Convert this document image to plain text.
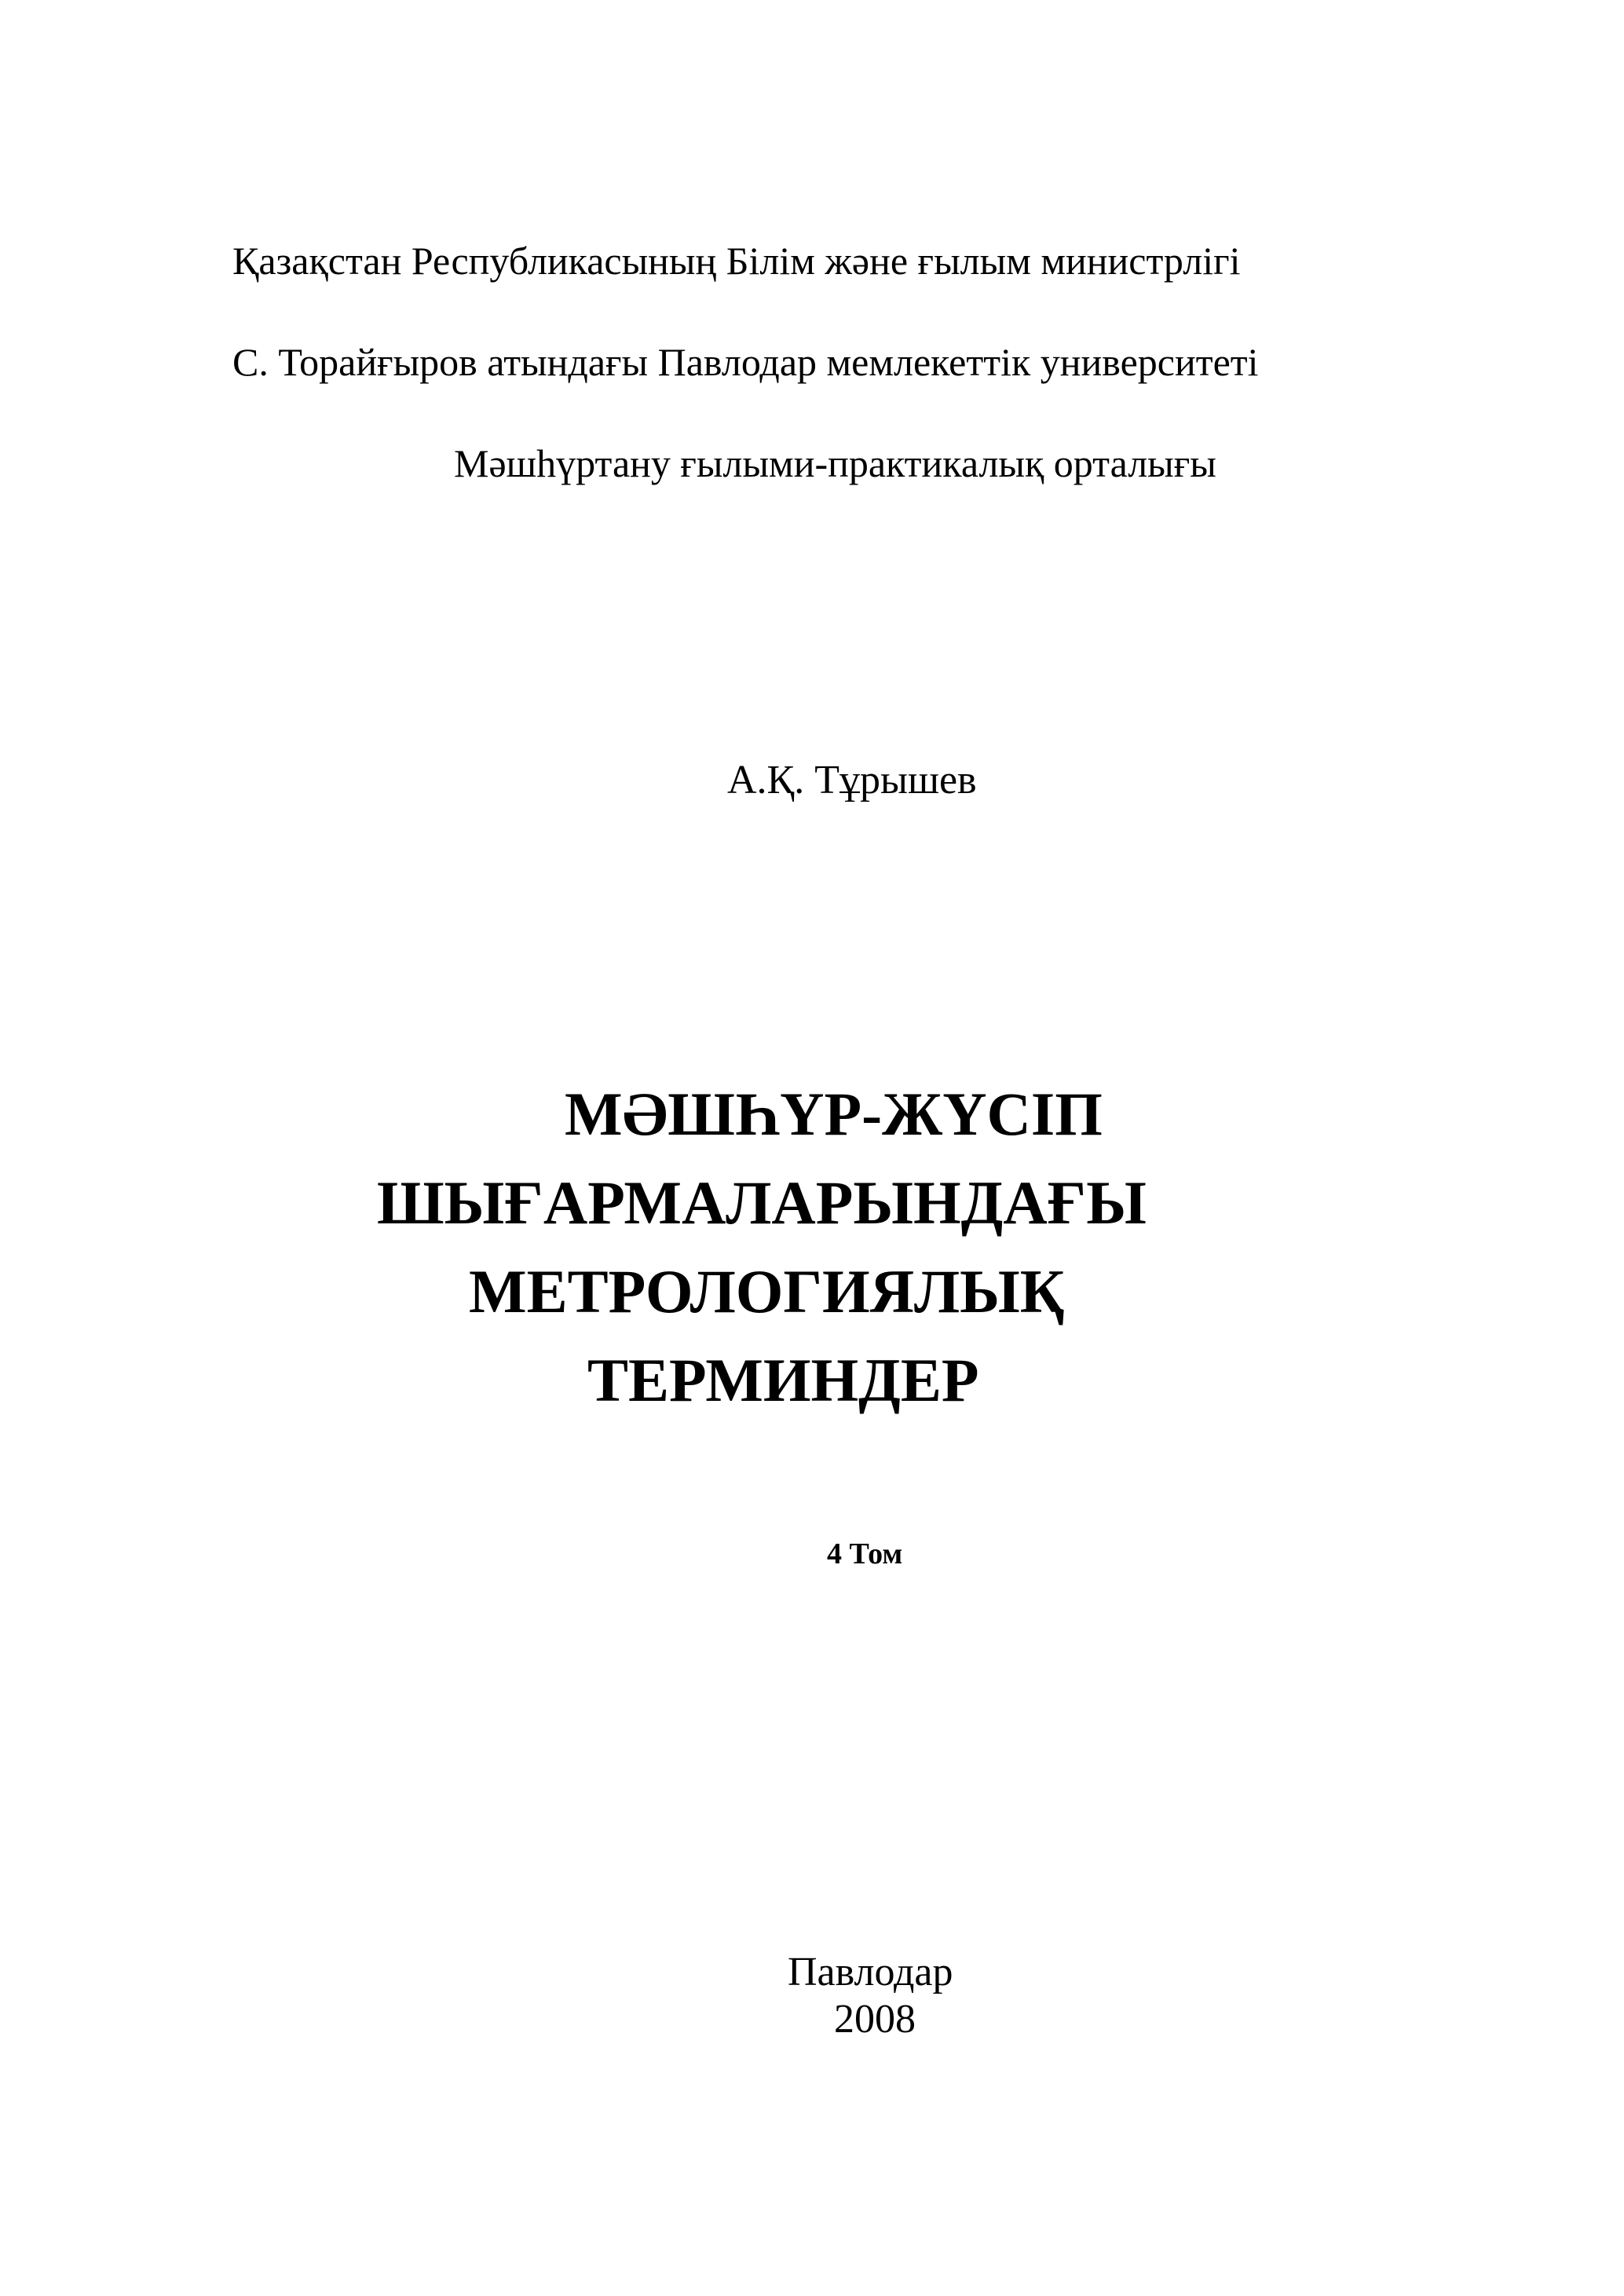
Қазақстан Республикасының Білім және ғылым министрлігі

С. Торайғыров атындағы Павлодар мемлекеттік университеті

Мәшһүртану ғылыми-практикалық орталығы

А.Қ. Тұрышев

МӘШҺҮР-ЖҮСІП
ШЫҒАРМАЛАРЫНДАҒЫ
МЕТРОЛОГИЯЛЫҚ
ТЕРМИНДЕР

4 Том

Павлодар

2008
